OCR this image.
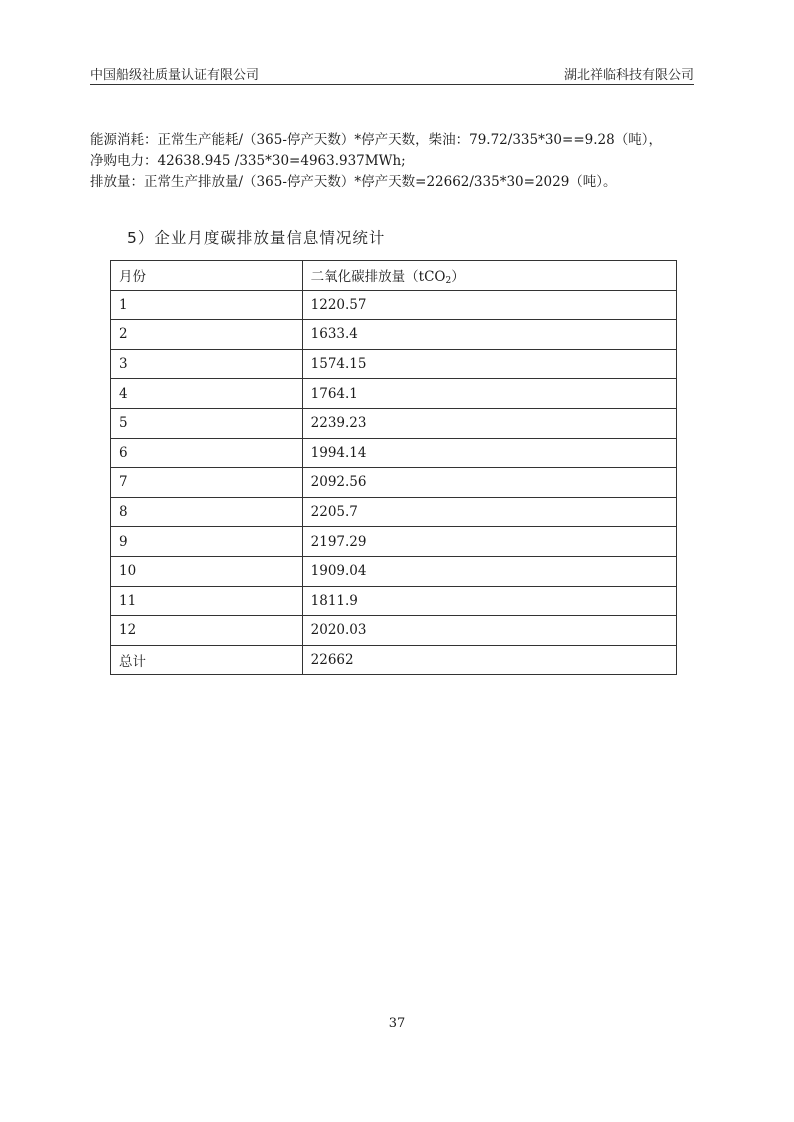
中国船级社质量认证有限公司	湖北祥临科技有限公司
能源消耗：正常生产能耗/（365-停产天数）*停产天数，柴油：79.72/335*30==9.28（吨），
净购电力：42638.945 /335*30=4963.937MWh;
排放量：正常生产排放量/（365-停产天数）*停产天数=22662/335*30=2029（吨）。
5）企业月度碳排放量信息情况统计
月份	二氧化碳排放量（tCO$_2$）
1	1220.57
2	1633.4
3	1574.15
4	1764.1
5	2239.23
6	1994.14
7	2092.56
8	2205.7
9	2197.29
10	1909.04
11	1811.9
12	2020.03
总计	22662
37
